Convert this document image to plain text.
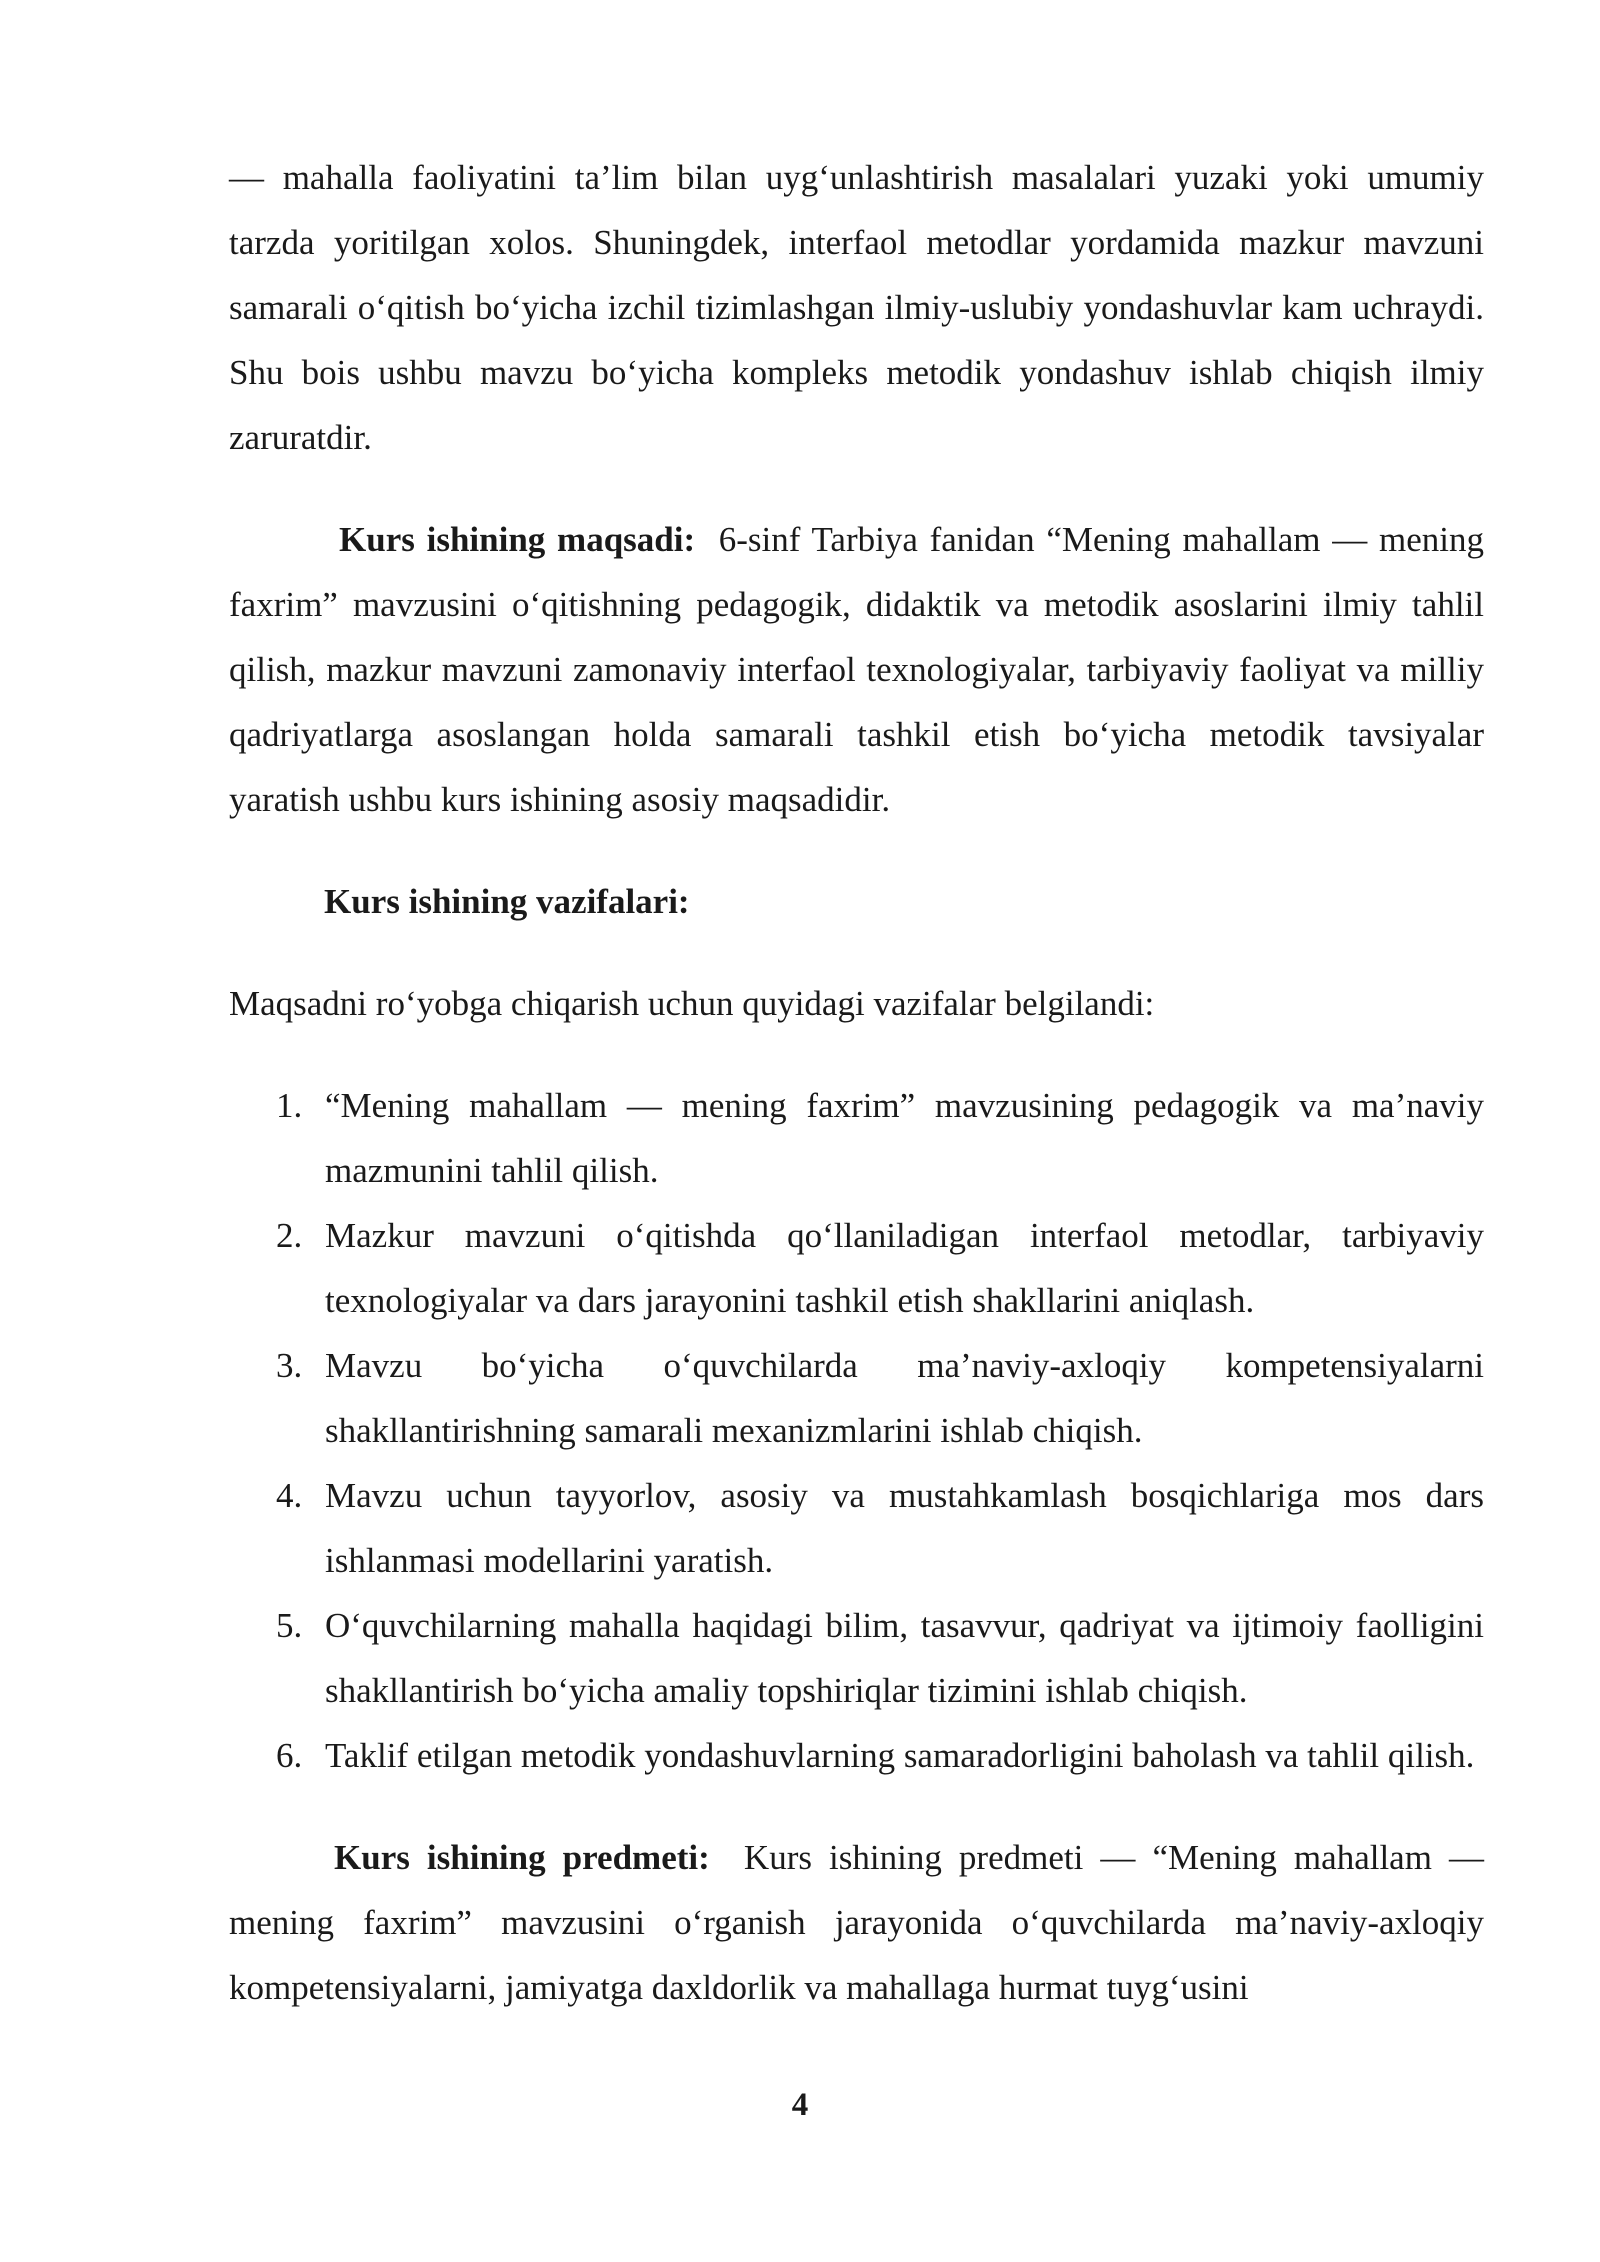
— mahalla faoliyatini ta’lim bilan uyg‘unlashtirish masalalari yuzaki yoki umumiy tarzda yoritilgan xolos. Shuningdek, interfaol metodlar yordamida mazkur mavzuni samarali o‘qitish bo‘yicha izchil tizimlashgan ilmiy-uslubiy yondashuvlar kam uchraydi. Shu bois ushbu mavzu bo‘yicha kompleks metodik yondashuv ishlab chiqish ilmiy zaruratdir.

Kurs ishining maqsadi: 6-sinf Tarbiya fanidan “Mening mahallam — mening faxrim” mavzusini o‘qitishning pedagogik, didaktik va metodik asoslarini ilmiy tahlil qilish, mazkur mavzuni zamonaviy interfaol texnologiyalar, tarbiyaviy faoliyat va milliy qadriyatlarga asoslangan holda samarali tashkil etish bo‘yicha metodik tavsiyalar yaratish ushbu kurs ishining asosiy maqsadidir.

Kurs ishining vazifalari:

Maqsadni ro‘yobga chiqarish uchun quyidagi vazifalar belgilandi:

1. “Mening mahallam — mening faxrim” mavzusining pedagogik va ma’naviy mazmunini tahlil qilish.
2. Mazkur mavzuni o‘qitishda qo‘llaniladigan interfaol metodlar, tarbiyaviy texnologiyalar va dars jarayonini tashkil etish shakllarini aniqlash.
3. Mavzu bo‘yicha o‘quvchilarda ma’naviy-axloqiy kompetensiyalarni shakllantirishning samarali mexanizmlarini ishlab chiqish.
4. Mavzu uchun tayyorlov, asosiy va mustahkamlash bosqichlariga mos dars ishlanmasi modellarini yaratish.
5. O‘quvchilarning mahalla haqidagi bilim, tasavvur, qadriyat va ijtimoiy faolligini shakllantirish bo‘yicha amaliy topshiriqlar tizimini ishlab chiqish.
6. Taklif etilgan metodik yondashuvlarning samaradorligini baholash va tahlil qilish.

Kurs ishining predmeti: Kurs ishining predmeti — “Mening mahallam — mening faxrim” mavzusini o‘rganish jarayonida o‘quvchilarda ma’naviy-axloqiy kompetensiyalarni, jamiyatga daxldorlik va mahallaga hurmat tuyg‘usini

4
